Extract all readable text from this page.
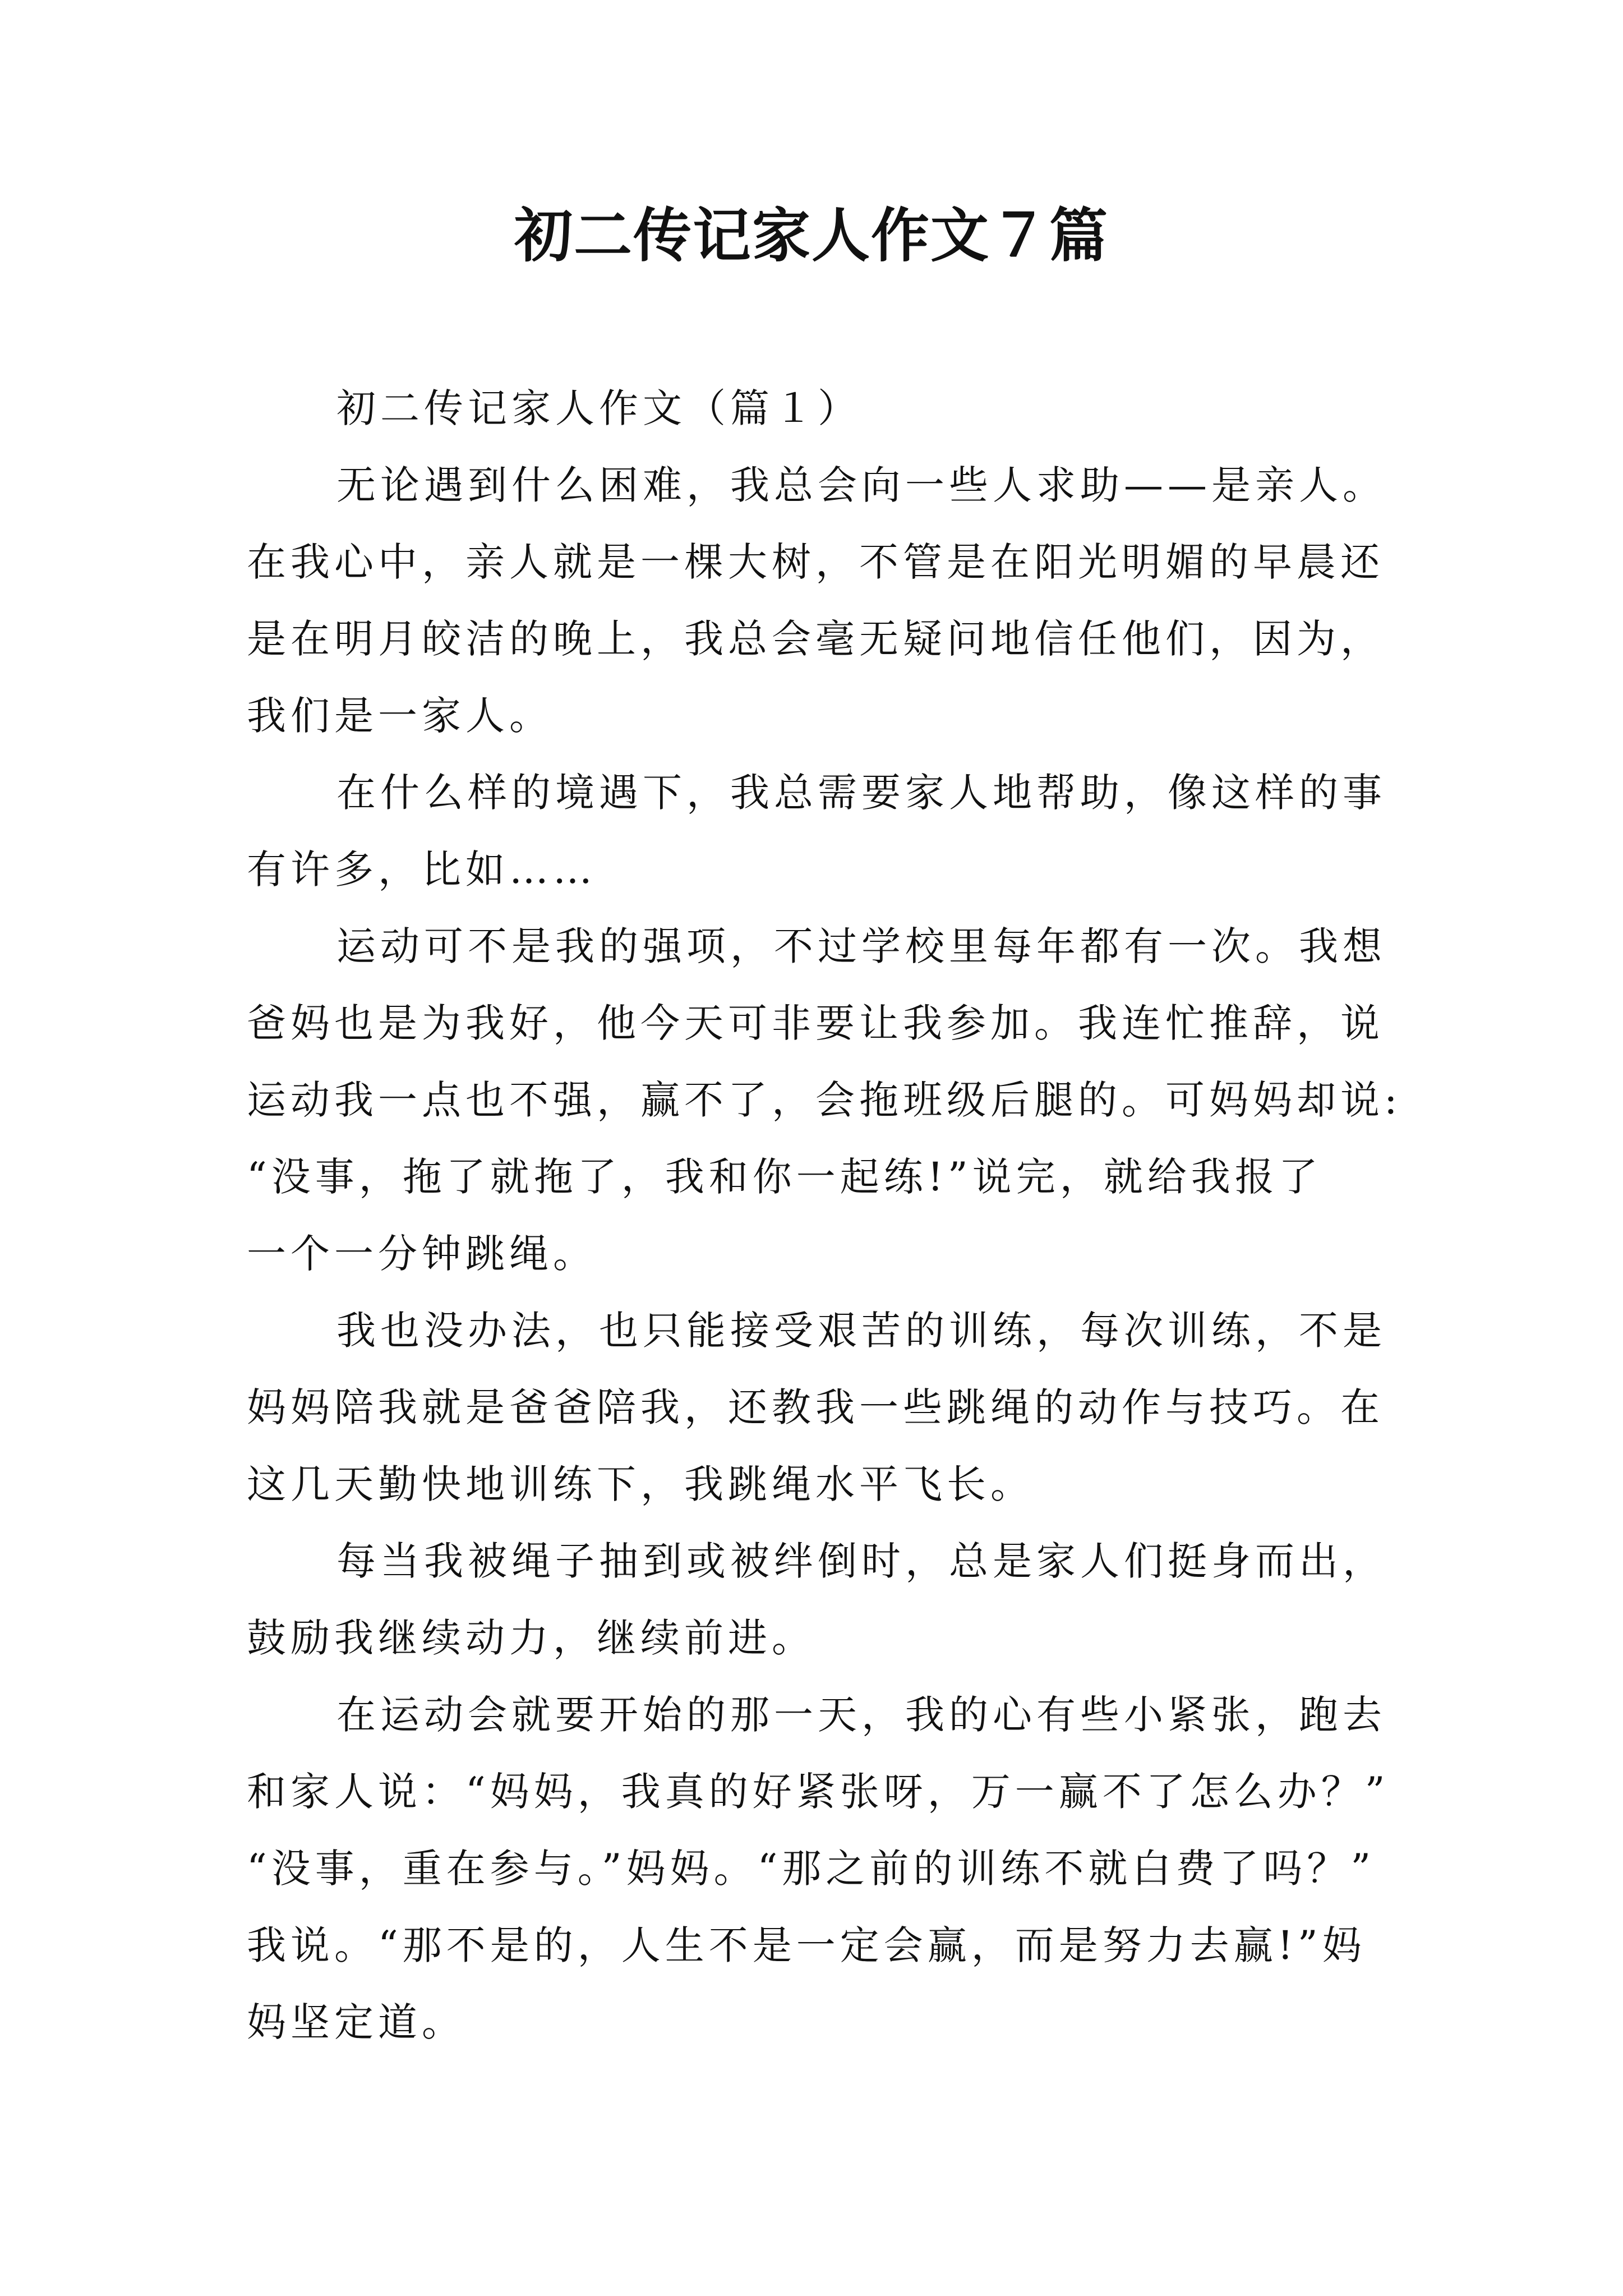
初二传记家人作文７篇
初二传记家人作文（篇１）
无论遇到什么困难，我总会向一些人求助——是亲人。
在我心中，亲人就是一棵大树，不管是在阳光明媚的早晨还
是在明月皎洁的晚上，我总会毫无疑问地信任他们，因为，
我们是一家人。
在什么样的境遇下，我总需要家人地帮助，像这样的事
有许多，比如……
运动可不是我的强项，不过学校里每年都有一次。我想
爸妈也是为我好，他今天可非要让我参加。我连忙推辞，说
运动我一点也不强，赢不了，会拖班级后腿的。可妈妈却说:
“没事，拖了就拖了，我和你一起练!”说完，就给我报了
一个一分钟跳绳。
我也没办法，也只能接受艰苦的训练，每次训练，不是
妈妈陪我就是爸爸陪我，还教我一些跳绳的动作与技巧。在
这几天勤快地训练下，我跳绳水平飞长。
每当我被绳子抽到或被绊倒时，总是家人们挺身而出，
鼓励我继续动力，继续前进。
在运动会就要开始的那一天，我的心有些小紧张，跑去
和家人说：“妈妈，我真的好紧张呀，万一赢不了怎么办？”
“没事，重在参与。”妈妈。“那之前的训练不就白费了吗？”
我说。“那不是的，人生不是一定会赢，而是努力去赢!”妈
妈坚定道。
